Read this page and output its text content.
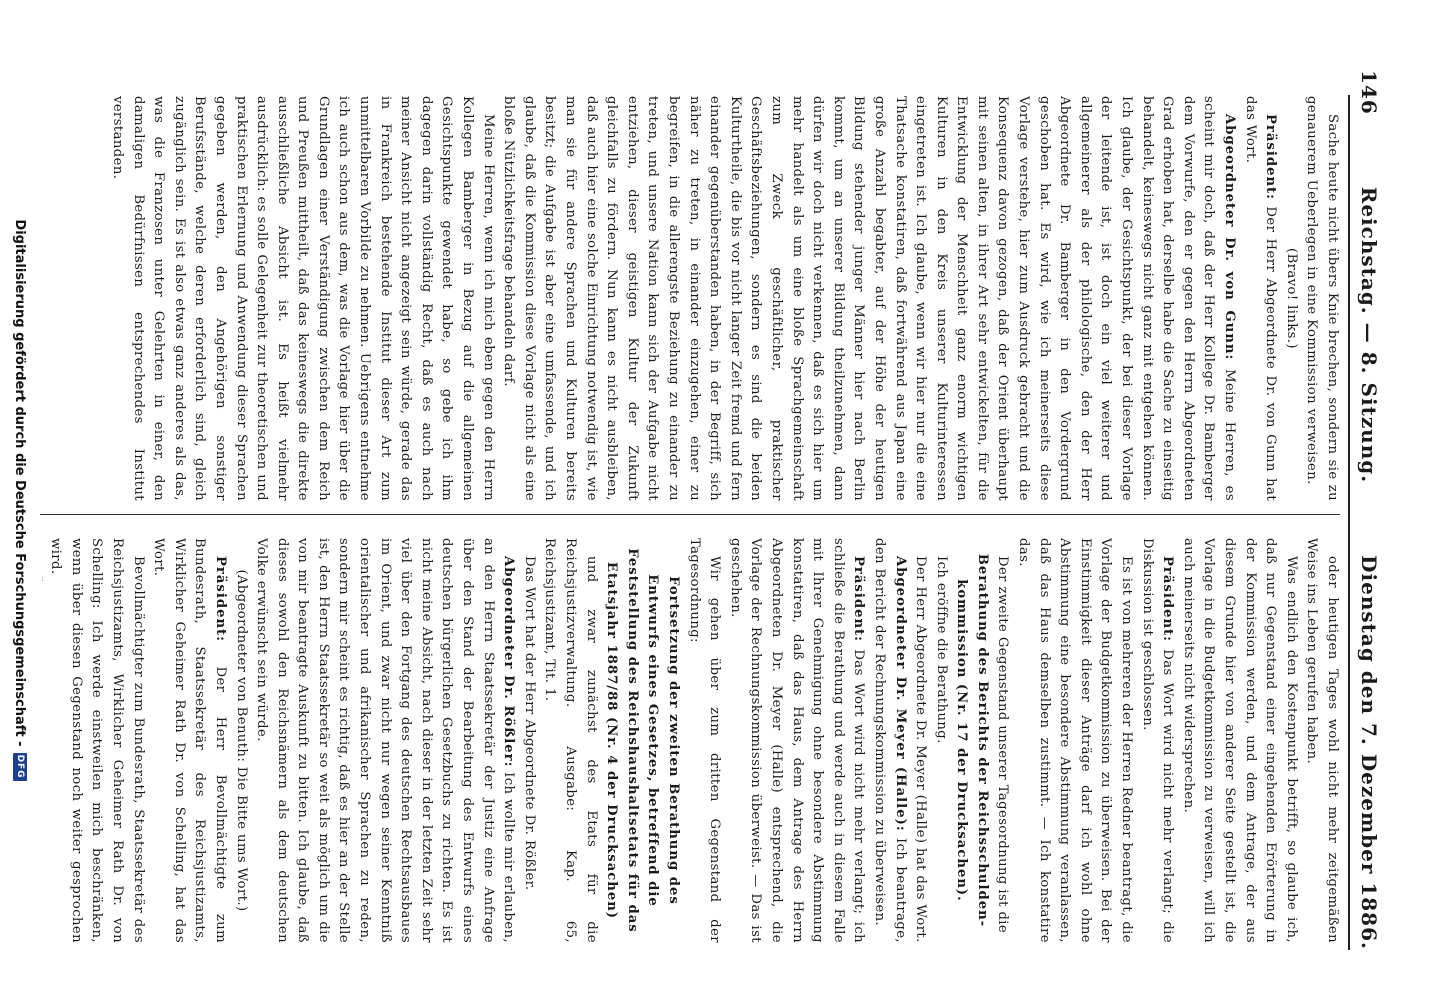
146
Reichstag. — 8. Sitzung.
Dienstag den 7. Dezember 1886.

Sache heute nicht übers Knie brechen, sondern sie zu genauerem Ueberlegen in eine Kommission verweisen.

(Bravo! links.)

Präsident: Der Herr Abgeordnete Dr. von Gunn hat das Wort.

Abgeordneter Dr. von Gunn: Meine Herren, es scheint mir doch, daß der Herr Kollege Dr. Bamberger dem Vorwurfe, den er gegen den Herrn Abgeordneten Grad erhoben hat, derselbe habe die Sache zu einseitig behandelt, keineswegs nicht ganz mit entgehen können. Ich glaube, der Gesichtspunkt, der bei dieser Vorlage der leitende ist, ist doch ein viel weiterer und allgemeinerer als der philologische, den der Herr Abgeordnete Dr. Bamberger in den Vordergrund geschoben hat. Es wird, wie ich meinerseits diese Vorlage verstehe, hier zum Ausdruck gebracht und die Konsequenz davon gezogen, daß der Orient überhaupt mit seinen alten, in ihrer Art sehr entwickelten, für die Entwicklung der Menschheit ganz enorm wichtigen Kulturen in den Kreis unserer Kulturinteressen eingetreten ist. Ich glaube, wenn wir hier nur die eine Thatsache konstatiren, daß fortwährend aus Japan eine große Anzahl begabter, auf der Höhe der heutigen Bildung stehender junger Männer hier nach Berlin kommt, um an unserer Bildung theilzunehmen, dann dürfen wir doch nicht verkennen, daß es sich hier um mehr handelt als um eine bloße Sprachgemeinschaft zum Zweck geschäftlicher, praktischer Geschäftsbeziehungen, sondern es sind die beiden Kulturtheile, die bis vor nicht langer Zeit fremd und fern einander gegenüberstanden haben, in der Begriff, sich näher zu treten, in einander einzugehen, einer zu begreifen, in die allerengste Beziehung zu einander zu treten, und unsere Nation kann sich der Aufgabe nicht entziehen, dieser geistigen Kultur der Zukunft gleichfalls zu fördern. Nun kann es nicht ausbleiben, daß auch hier eine solche Einrichtung notwendig ist, wie man sie für andere Sprachen und Kulturen bereits besitzt; die Aufgabe ist aber eine umfassende, und ich glaube, daß die Kommission diese Vorlage nicht als eine bloße Nützlichkeitsfrage behandeln darf.

Meine Herren, wenn ich mich eben gegen den Herrn Kollegen Bamberger in Bezug auf die allgemeinen Gesichtspunkte gewendet habe, so gebe ich ihm dagegen darin vollständig Recht, daß es auch nach meiner Ansicht nicht angezeigt sein würde, gerade das in Frankreich bestehende Institut dieser Art zum unmittelbaren Vorbilde zu nehmen. Uebrigens entnehme ich auch schon aus dem, was die Vorlage hier über die Grundlagen einer Verständigung zwischen dem Reich und Preußen mittheilt, daß das keineswegs die direkte ausschließliche Absicht ist. Es heißt vielmehr ausdrücklich: es solle Gelegenheit zur theoretischen und praktischen Erlernung und Anwendung dieser Sprachen gegeben werden, den Angehörigen sonstiger Berufsstände, welche deren erforderlich sind, gleich zugänglich sein. Es ist also etwas ganz anderes als das, was die Franzosen unter Gelehrten in einer, den damaligen Bedürfnissen entsprechendes Institut verstanden.

oder heutigen Tages wohl nicht mehr zeitgemäßen Weise ins Leben gerufen haben.

Was endlich den Kostenpunkt betrifft, so glaube ich, daß nur Gegenstand einer eingehenden Erörterung in der Kommission werden, und dem Antrage, der aus diesem Grunde hier von anderer Seite gestellt ist, die Vorlage in die Budgetkommission zu verweisen, will ich auch meinerseits nicht widersprechen.

Präsident: Das Wort wird nicht mehr verlangt; die Diskussion ist geschlossen.

Es ist von mehreren der Herren Redner beantragt, die Vorlage der Budgetkommission zu überweisen. Bei der Einstimmigkeit dieser Anträge darf ich wohl ohne Abstimmung eine besondere Abstimmung veranlassen, daß das Haus demselben zustimmt. — Ich konstatire das.

Der zweite Gegenstand unserer Tagesordnung ist die

Berathung des Berichts der Reichsschulden-kommission (Nr. 17 der Drucksachen).

Ich eröffne die Berathung.

Der Herr Abgeordnete Dr. Meyer (Halle) hat das Wort.

Abgeordneter Dr. Meyer (Halle): Ich beantrage, den Bericht der Rechnungskommission zu überweisen.

Präsident: Das Wort wird nicht mehr verlangt; ich schließe die Berathung und werde auch in diesem Falle mit Ihrer Genehmigung ohne besondere Abstimmung konstatiren, daß das Haus, dem Antrage des Herrn Abgeordneten Dr. Meyer (Halle) entsprechend, die Vorlage der Rechnungskommission überweist. — Das ist geschehen.

Wir gehen über zum dritten Gegenstand der Tagesordnung:

Fortsetzung der zweiten Berathung des Entwurfs eines Gesetzes, betreffend die Feststellung des Reichshaushaltsetats für das Etatsjahr 1887/88 (Nr. 4 der Drucksachen)

und zwar zunächst des Etats für die Reichsjustizverwaltung. Ausgabe: Kap. 65, Reichsjustizamt, Tit. 1.

Das Wort hat der Herr Abgeordnete Dr. Rößler.

Abgeordneter Dr. Rößler: Ich wollte mir erlauben, an den Herrn Staatssekretär der Justiz eine Anfrage über den Stand der Bearbeitung des Entwurfs eines deutschen bürgerlichen Gesetzbuchs zu richten. Es ist nicht meine Absicht, nach dieser in der letzten Zeit sehr viel über den Fortgang des deutschen Rechtsausbaues im Orient, und zwar nicht nur wegen seiner Kenntniß orientalischer und afrikanischer Sprachen zu reden, sondern mir scheint es richtig, daß es hier an der Stelle ist, den Herrn Staatssekretär so weit als möglich um die von mir beantragte Auskunft zu bitten. Ich glaube, daß dieses sowohl den Reichsnämern als dem deutschen Volke erwünscht sein würde.

(Abgeordneter von Benuth: Die Bitte ums Wort.)

Präsident: Der Herr Bevollmächtigte zum Bundesrath, Staatssekretär des Reichsjustizamts, Wirklicher Geheimer Rath Dr. von Schelling, hat das Wort.

Bevollmächtigter zum Bundesrath, Staatssekretär des Reichsjustizamts, Wirklicher Geheimer Rath Dr. von Schelling: Ich werde einstweilen mich beschränken, wenn über diesen Gegenstand noch weiter gesprochen wird.

Digitalisierung gefördert durch die Deutsche Forschungsgemeinschaft -
DFG
